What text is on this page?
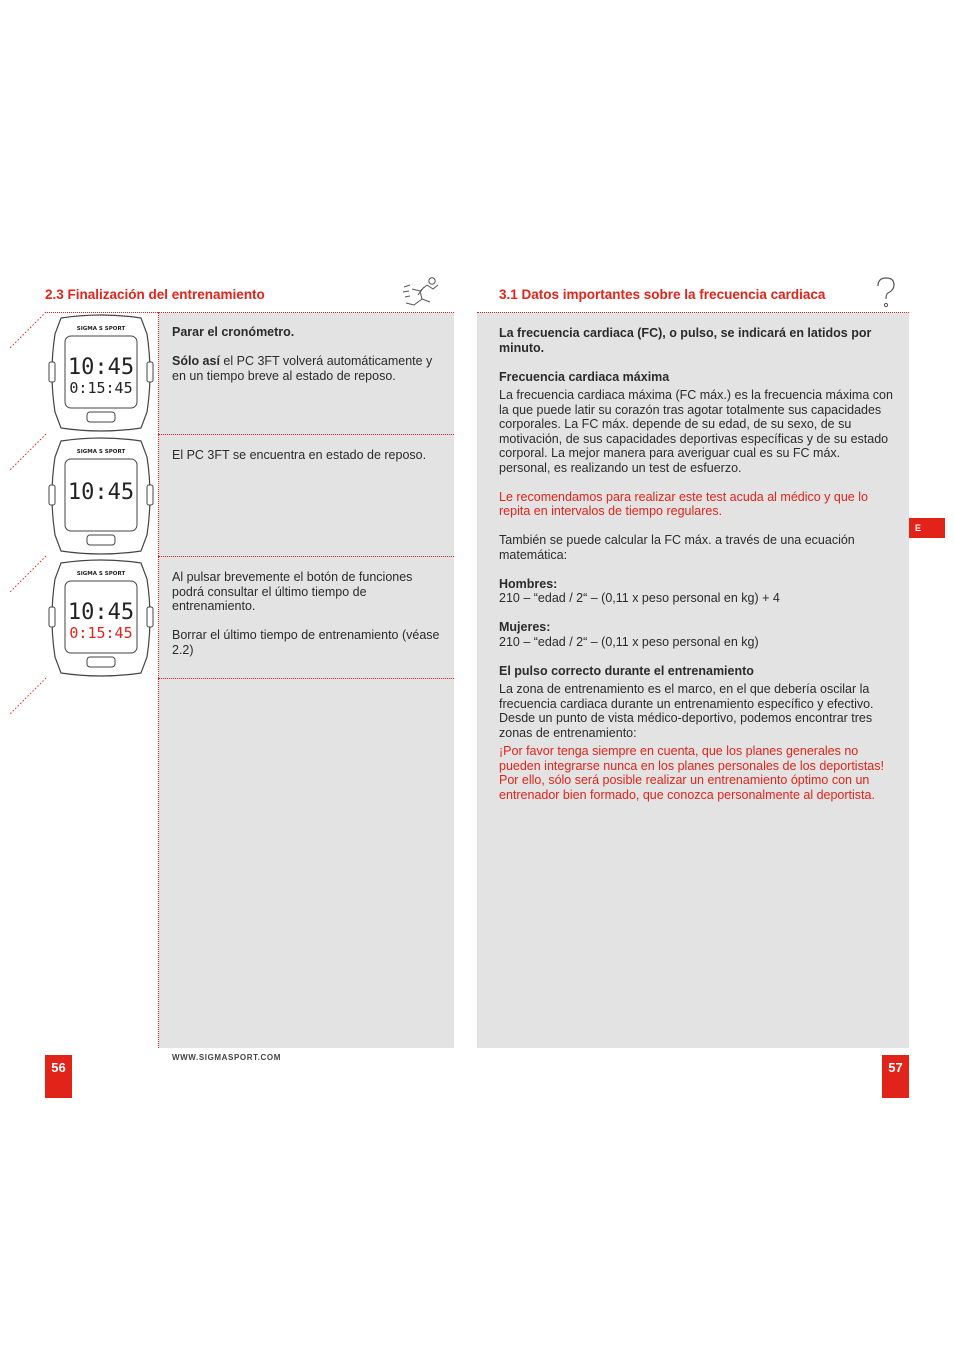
2.3 Finalización del entrenamiento
SIGMA S SPORT
10:45
0:15:45
SIGMA S SPORT
10:45
SIGMA S SPORT
10:45
0:15:45

Parar el cronómetro.

Sólo así el PC 3FT volverá automáticamente y en un tiempo breve al estado de reposo.

El PC 3FT se encuentra en estado de reposo.

Al pulsar brevemente el botón de funciones podrá consultar el último tiempo de entrenamiento.

Borrar el último tiempo de entrenamiento (véase 2.2)

56
WWW.SIGMASPORT.COM
3.1 Datos importantes sobre la frecuencia cardiaca

La frecuencia cardiaca (FC), o pulso, se indicará en latidos por minuto.

Frecuencia cardiaca máxima

La frecuencia cardiaca máxima (FC máx.) es la frecuencia máxima con la que puede latir su corazón tras agotar totalmente sus capacidades corporales. La FC máx. depende de su edad, de su sexo, de su motivación, de sus capacidades deportivas específicas y de su estado corporal. La mejor manera para averiguar cual es su FC máx. personal, es realizando un test de esfuerzo.

Le recomendamos para realizar este test acuda al médico y que lo repita en intervalos de tiempo regulares.

También se puede calcular la FC máx. a través de una ecuación matemática:

Hombres:

210 – “edad / 2“ – (0,11 x peso personal en kg) + 4

Mujeres:

210 – “edad / 2“ – (0,11 x peso personal en kg)

El pulso correcto durante el entrenamiento

La zona de entrenamiento es el marco, en el que debería oscilar la frecuencia cardiaca durante un entrenamiento específico y efectivo. Desde un punto de vista médico-deportivo, podemos encontrar tres zonas de entrenamiento:

¡Por favor tenga siempre en cuenta, que los planes generales no pueden integrarse nunca en los planes personales de los deportistas! Por ello, sólo será posible realizar un entrenamiento óptimo con un entrenador bien formado, que conozca personalmente al deportista.

E
57
